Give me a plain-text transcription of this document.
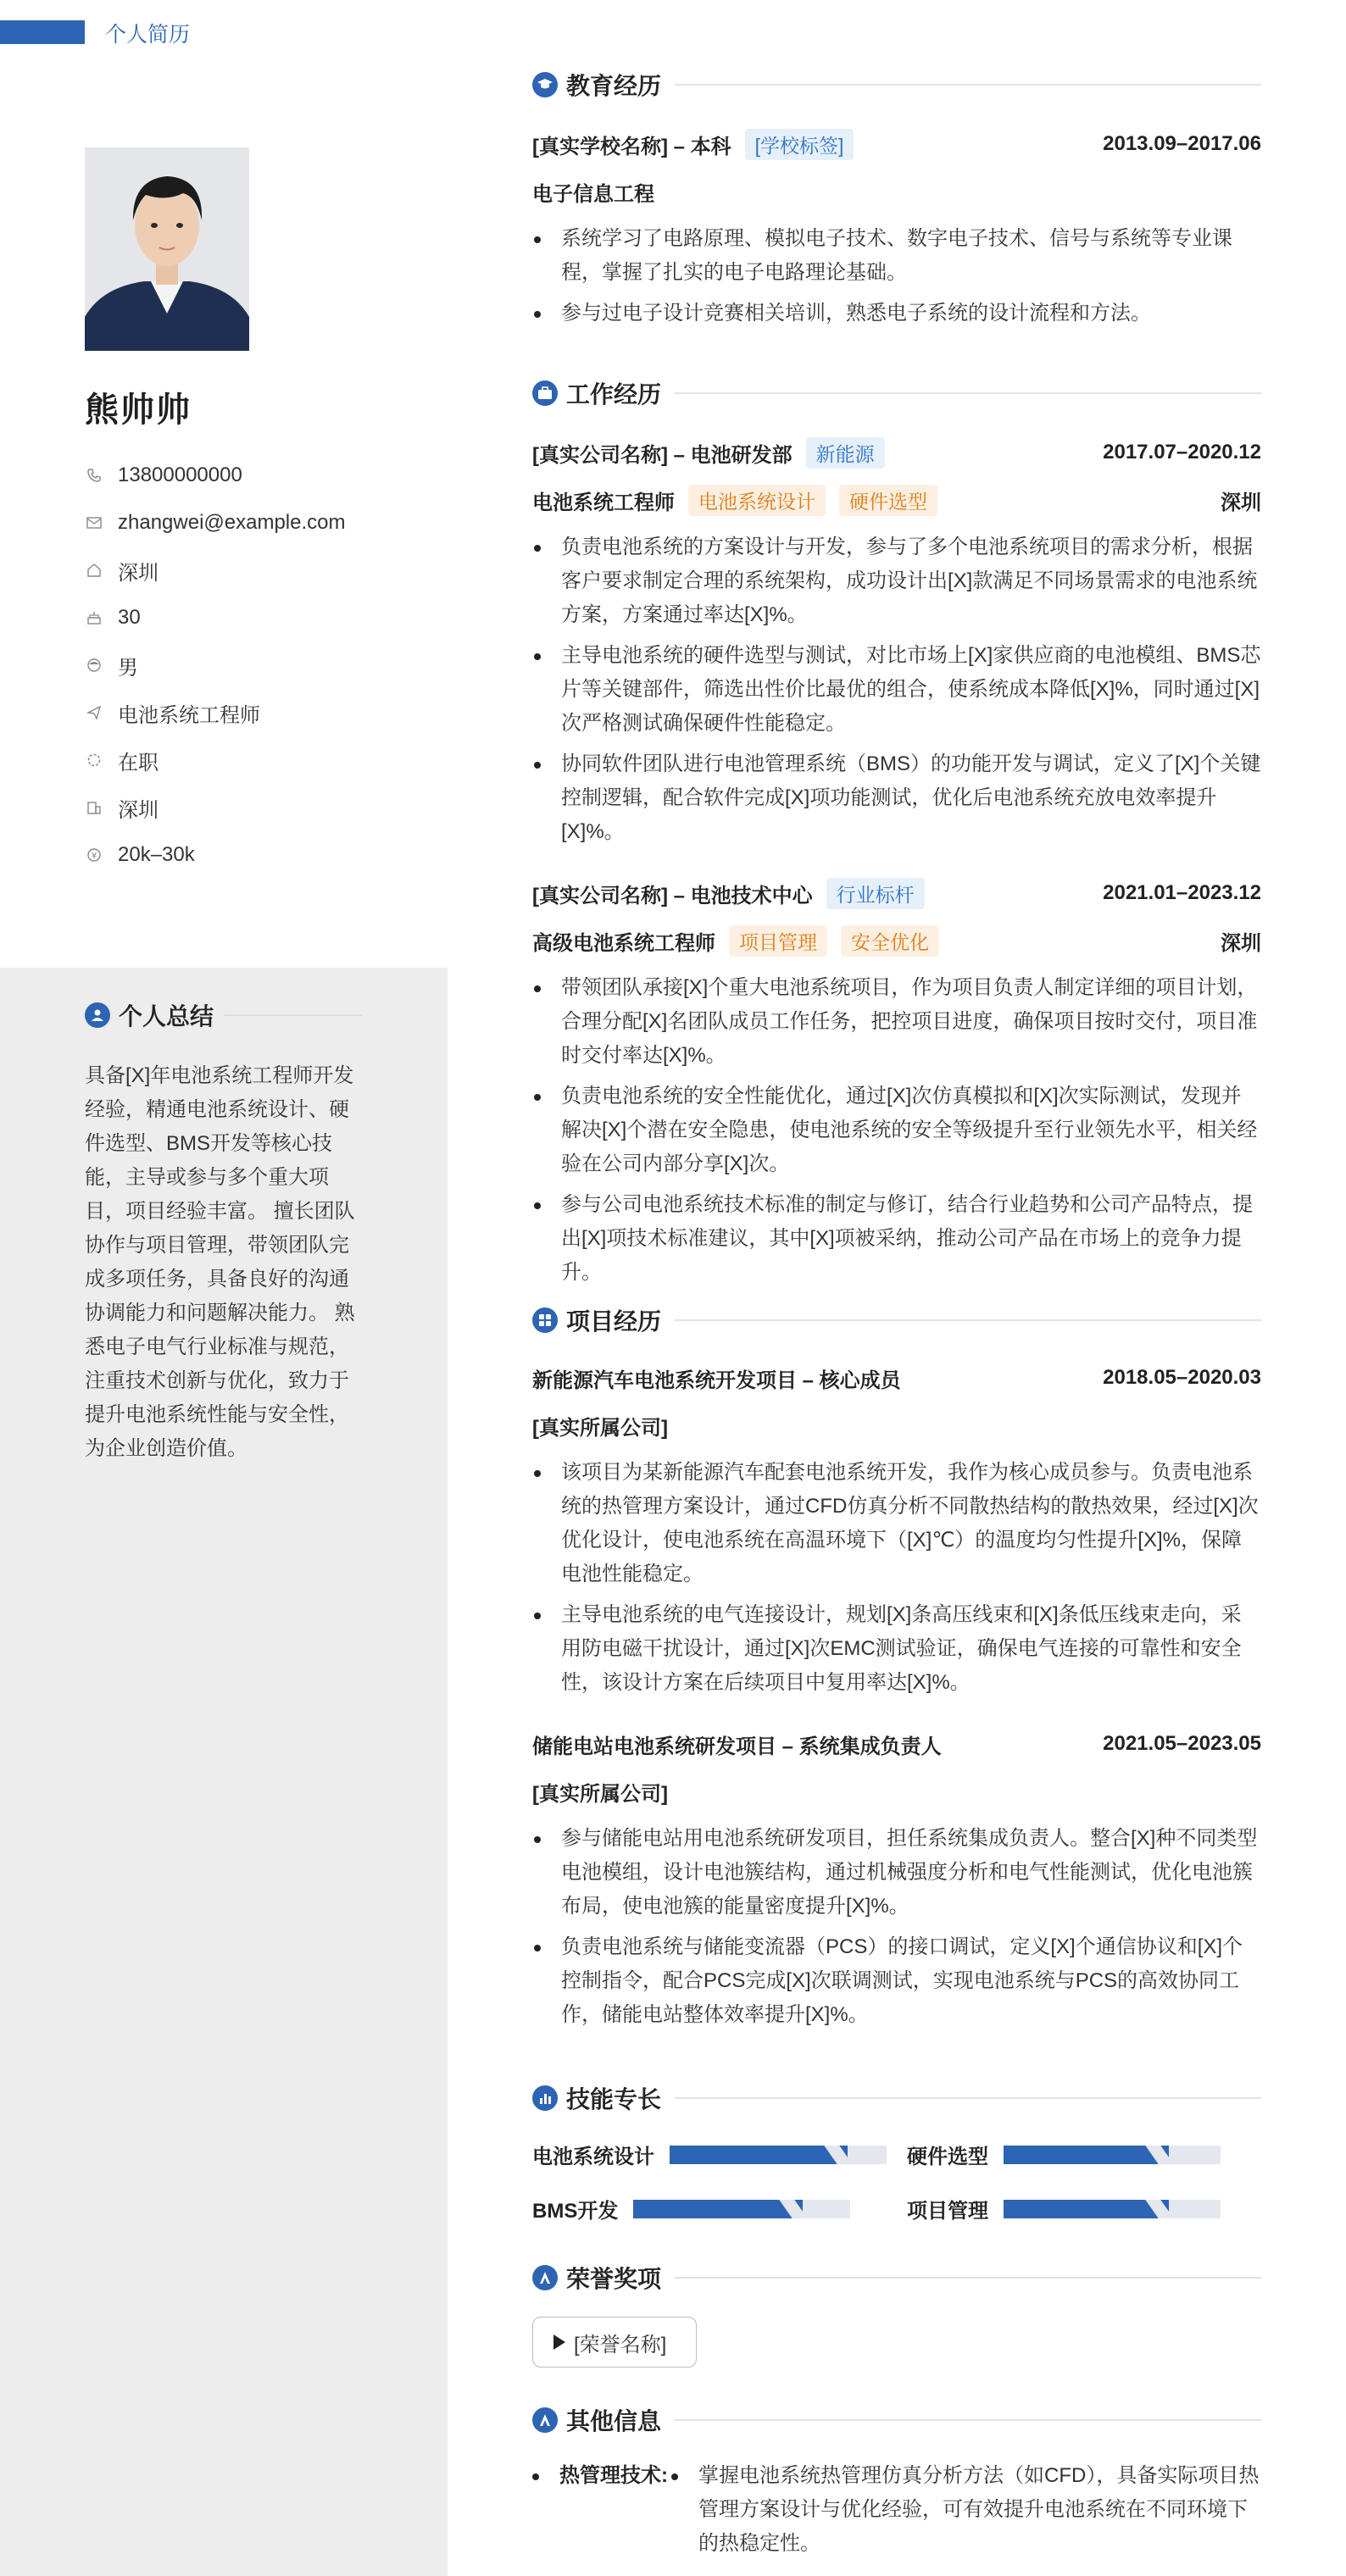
个人简历
熊帅帅
13800000000
zhangwei@example.com
深圳
30
男
电池系统工程师
在职
深圳
¥ 20k–30k
个人总结
具备[X]年电池系统工程师开发经验，精通电池系统设计、硬件选型、BMS开发等核心技能，主导或参与多个重大项目，项目经验丰富。 擅长团队协作与项目管理，带领团队完成多项任务，具备良好的沟通协调能力和问题解决能力。 熟悉电子电气行业标准与规范，注重技术创新与优化，致力于提升电池系统性能与安全性，为企业创造价值。
教育经历
[真实学校名称] – 本科	[学校标签]	2013.09–2017.06
电子信息工程
系统学习了电路原理、模拟电子技术、数字电子技术、信号与系统等专业课程，掌握了扎实的电子电路理论基础。
参与过电子设计竞赛相关培训，熟悉电子系统的设计流程和方法。
工作经历
[真实公司名称] – 电池研发部	新能源	2017.07–2020.12
电池系统工程师	电池系统设计	硬件选型	深圳
负责电池系统的方案设计与开发，参与了多个电池系统项目的需求分析，根据客户要求制定合理的系统架构，成功设计出[X]款满足不同场景需求的电池系统方案，方案通过率达[X]%。
主导电池系统的硬件选型与测试，对比市场上[X]家供应商的电池模组、BMS芯片等关键部件，筛选出性价比最优的组合，使系统成本降低[X]%，同时通过[X]次严格测试确保硬件性能稳定。
协同软件团队进行电池管理系统（BMS）的功能开发与调试，定义了[X]个关键控制逻辑，配合软件完成[X]项功能测试，优化后电池系统充放电效率提升[X]%。
[真实公司名称] – 电池技术中心	行业标杆	2021.01–2023.12
高级电池系统工程师	项目管理	安全优化	深圳
带领团队承接[X]个重大电池系统项目，作为项目负责人制定详细的项目计划，合理分配[X]名团队成员工作任务，把控项目进度，确保项目按时交付，项目准时交付率达[X]%。
负责电池系统的安全性能优化，通过[X]次仿真模拟和[X]次实际测试，发现并解决[X]个潜在安全隐患，使电池系统的安全等级提升至行业领先水平，相关经验在公司内部分享[X]次。
参与公司电池系统技术标准的制定与修订，结合行业趋势和公司产品特点，提出[X]项技术标准建议，其中[X]项被采纳，推动公司产品在市场上的竞争力提升。
项目经历
新能源汽车电池系统开发项目 – 核心成员	2018.05–2020.03
[真实所属公司]
该项目为某新能源汽车配套电池系统开发，我作为核心成员参与。负责电池系统的热管理方案设计，通过CFD仿真分析不同散热结构的散热效果，经过[X]次优化设计，使电池系统在高温环境下（[X]℃）的温度均匀性提升[X]%，保障电池性能稳定。
主导电池系统的电气连接设计，规划[X]条高压线束和[X]条低压线束走向，采用防电磁干扰设计，通过[X]次EMC测试验证，确保电气连接的可靠性和安全性，该设计方案在后续项目中复用率达[X]%。
储能电站电池系统研发项目 – 系统集成负责人	2021.05–2023.05
[真实所属公司]
参与储能电站用电池系统研发项目，担任系统集成负责人。整合[X]种不同类型电池模组，设计电池簇结构，通过机械强度分析和电气性能测试，优化电池簇布局，使电池簇的能量密度提升[X]%。
负责电池系统与储能变流器（PCS）的接口调试，定义[X]个通信协议和[X]个控制指令，配合PCS完成[X]次联调测试，实现电池系统与PCS的高效协同工作，储能电站整体效率提升[X]%。
技能专长
电池系统设计	硬件选型
BMS开发	项目管理
荣誉奖项
[荣誉名称]
其他信息
热管理技术:	掌握电池系统热管理仿真分析方法（如CFD），具备实际项目热管理方案设计与优化经验，可有效提升电池系统在不同环境下的热稳定性。
